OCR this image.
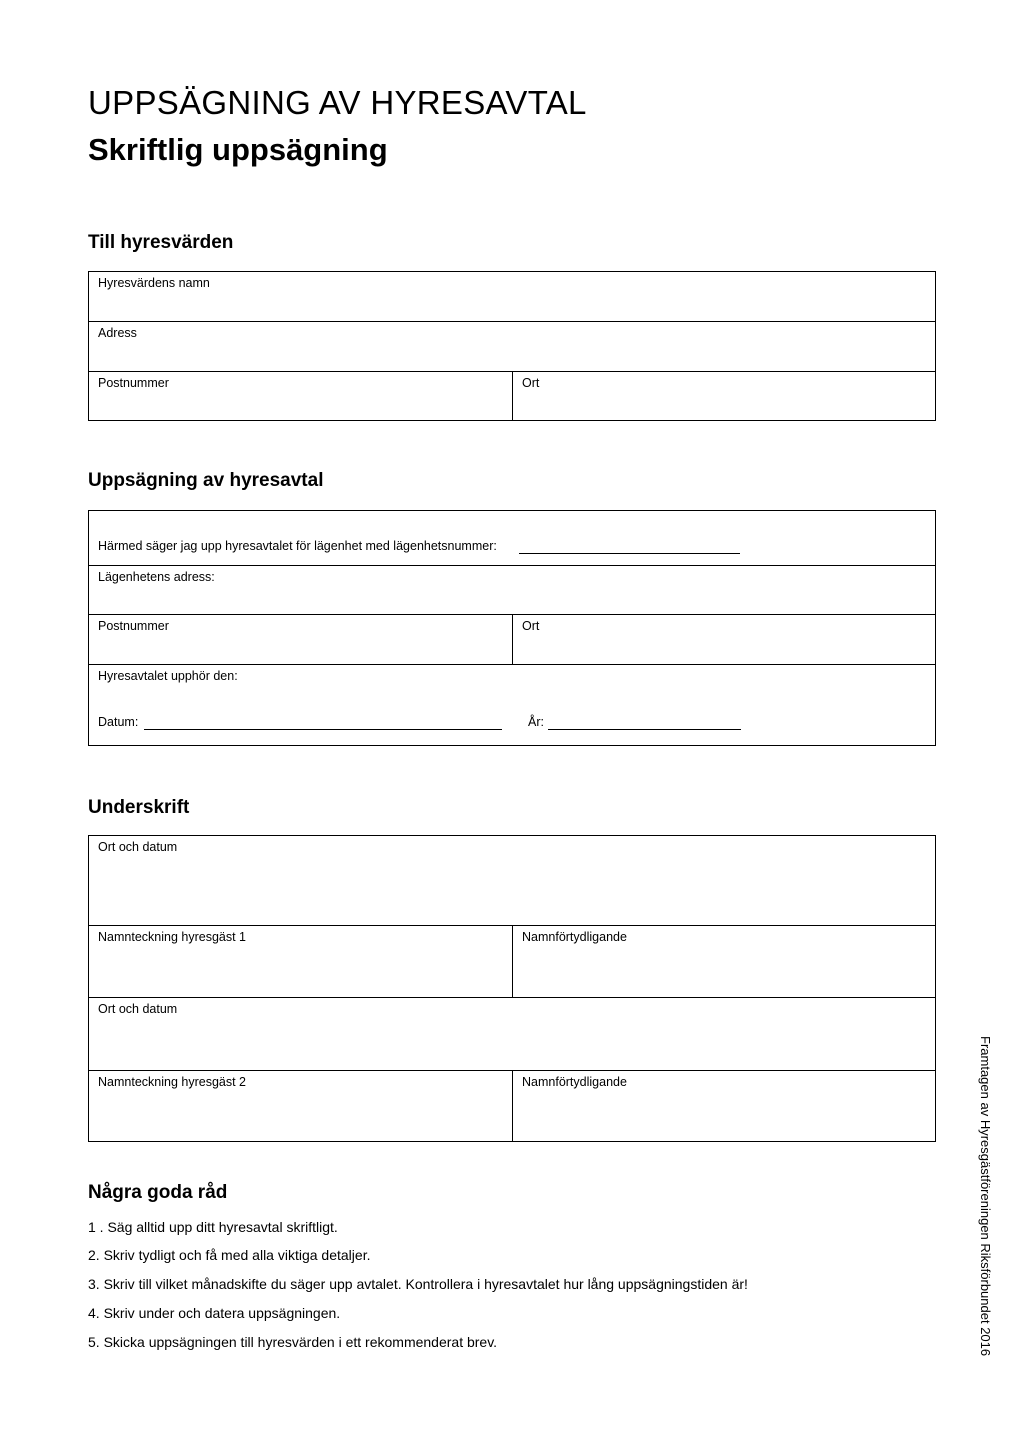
UPPSÄGNING AV HYRESAVTAL
Skriftlig uppsägning
Till hyresvärden
Hyresvärdens namn
Adress
Postnummer	Ort
Uppsägning av hyresavtal
Härmed säger jag upp hyresavtalet för lägenhet med lägenhetsnummer:
Lägenhetens adress:
Postnummer	Ort
Hyresavtalet upphör den:
Datum:	År:
Underskrift
Ort och datum
Namnteckning hyresgäst 1	Namnförtydligande
Ort och datum
Namnteckning hyresgäst 2	Namnförtydligande
Några goda råd
1 . Säg alltid upp ditt hyresavtal skriftligt.
2. Skriv tydligt och få med alla viktiga detaljer.
3. Skriv till vilket månadskifte du säger upp avtalet. Kontrollera i hyresavtalet hur lång uppsägningstiden är!
4. Skriv under och datera uppsägningen.
5. Skicka uppsägningen till hyresvärden i ett rekommenderat brev.	Framtagen av Hyresgästföreningen Riksförbundet 2016
